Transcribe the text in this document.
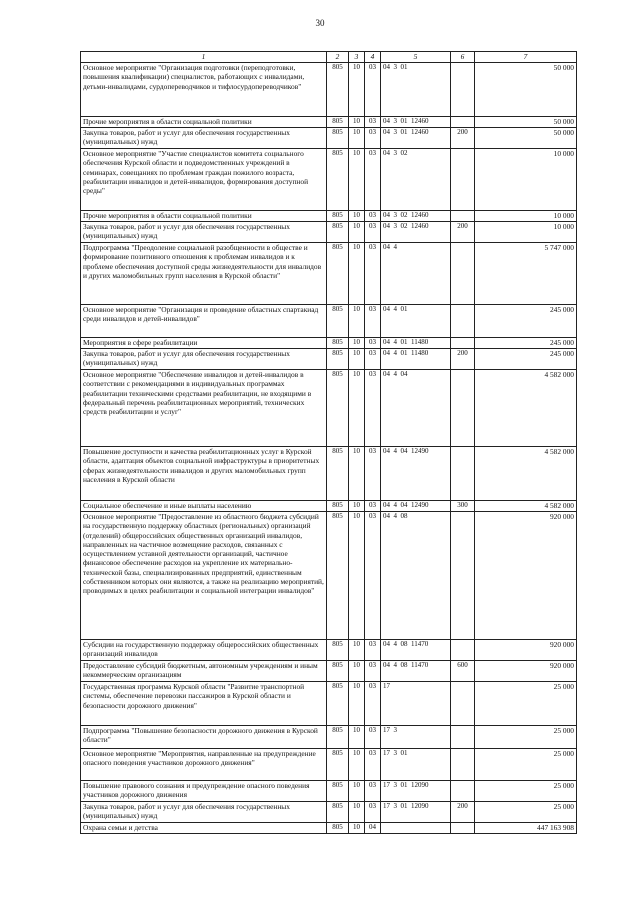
30
1	2	3	4	5	6	7
Основное мероприятие "Организация подготовки (переподготовки, повышения квалификации) специалистов, работающих с инвалидами, детьми-инвалидами, сурдопереводчиков и тифлосурдопереводчиков"	805	10	03	04  3  01		50 000
Прочие мероприятия в области социальной политики	805	10	03	04  3  01  12460		50 000
Закупка товаров, работ и услуг для обеспечения государственных (муниципальных) нужд	805	10	03	04  3  01  12460	200	50 000
Основное мероприятие "Участие специалистов комитета социального обеспечения Курской области и подведомственных учреждений в семинарах, совещаниях по проблемам граждан пожилого возраста, реабилитации инвалидов и детей-инвалидов, формирования доступной среды"	805	10	03	04  3  02		10 000
Прочие мероприятия в области социальной политики	805	10	03	04  3  02  12460		10 000
Закупка товаров, работ и услуг для обеспечения государственных (муниципальных) нужд	805	10	03	04  3  02  12460	200	10 000
Подпрограмма "Преодоление социальной разобщенности в обществе и формирование позитивного отношения к проблемам инвалидов и к проблеме обеспечения доступной среды жизнедеятельности для инвалидов и других маломобильных групп населения в Курской области"	805	10	03	04  4		5 747 000
Основное мероприятие "Организация и проведение областных спартакиад среди инвалидов и детей-инвалидов"	805	10	03	04  4  01		245 000
Мероприятия в сфере реабилитации	805	10	03	04  4  01  11480		245 000
Закупка товаров, работ и услуг для обеспечения государственных (муниципальных) нужд	805	10	03	04  4  01  11480	200	245 000
Основное мероприятие "Обеспечение инвалидов и детей-инвалидов в соответствии с рекомендациями в индивидуальных программах реабилитации техническими средствами реабилитации, не входящими в федеральный перечень реабилитационных мероприятий, технических средств реабилитации и услуг"	805	10	03	04  4  04		4 582 000
Повышение доступности и качества реабилитационных услуг в Курской области, адаптация объектов социальной инфраструктуры в приоритетных сферах жизнедеятельности инвалидов и других маломобильных групп населения в Курской области	805	10	03	04  4  04  12490		4 582 000
Социальное обеспечение и иные выплаты населению	805	10	03	04  4  04  12490	300	4 582 000
Основное мероприятие "Предоставление из областного бюджета субсидий на государственную поддержку областных (региональных) организаций (отделений) общероссийских общественных организаций инвалидов, направленных на частичное возмещение расходов, связанных с осуществлением уставной деятельности организаций, частичное финансовое обеспечение расходов на укрепление их материально-технической базы, специализированных предприятий, единственным собственником которых они являются, а также на реализацию мероприятий, проводимых в целях реабилитации и социальной интеграции инвалидов"	805	10	03	04  4  08		920 000
Субсидии на государственную поддержку общероссийских общественных организаций инвалидов	805	10	03	04  4  08  11470		920 000
Предоставление субсидий бюджетным, автономным учреждениям и иным некоммерческим организациям	805	10	03	04  4  08  11470	600	920 000
Государственная программа Курской области "Развитие транспортной системы, обеспечение перевозки пассажиров в Курской области и безопасности дорожного движения"	805	10	03	17		25 000
Подпрограмма "Повышение безопасности дорожного движения в Курской области"	805	10	03	17  3		25 000
Основное мероприятие "Мероприятия, направленные на предупреждение опасного поведения участников дорожного движения"	805	10	03	17  3  01		25 000
Повышение правового сознания и предупреждение опасного поведения участников дорожного движения	805	10	03	17  3  01  12090		25 000
Закупка товаров, работ и услуг для обеспечения государственных (муниципальных) нужд	805	10	03	17  3  01  12090	200	25 000
Охрана семьи и детства	805	10	04			447 163 908
